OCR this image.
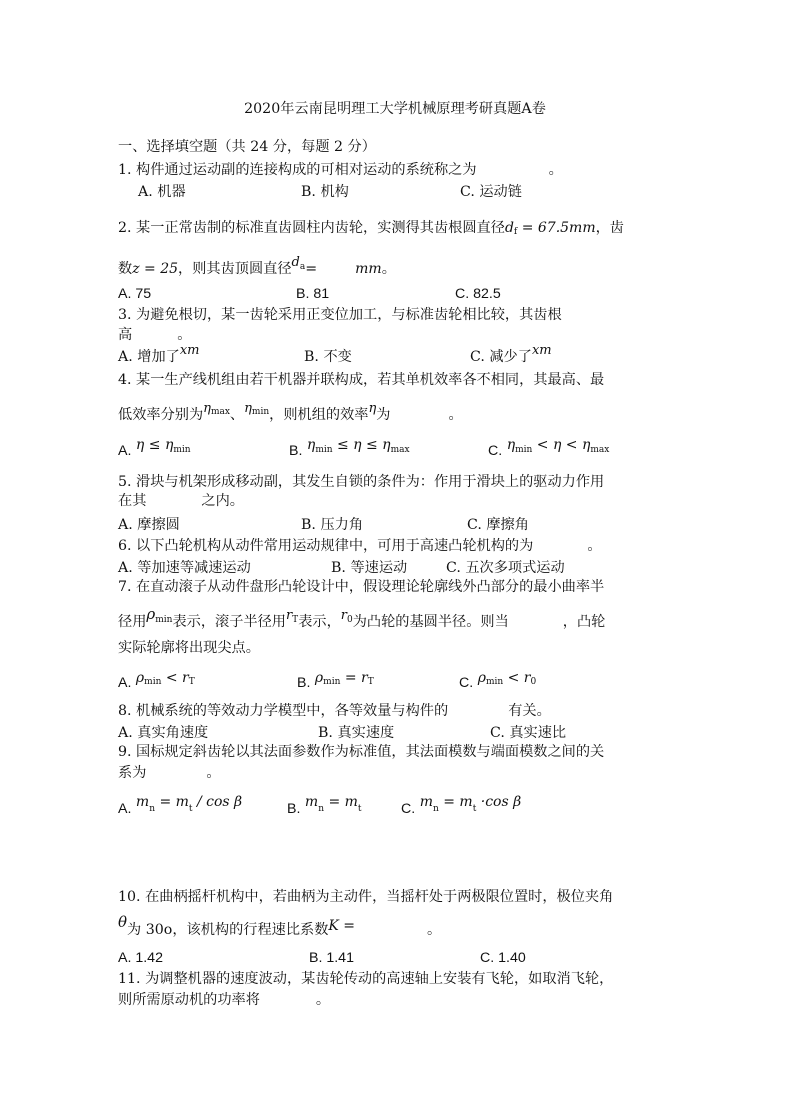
2020年云南昆明理工大学机械原理考研真题A卷
一、选择填空题（共 24 分，每题 2 分）
1. 构件通过运动副的连接构成的可相对运动的系统称之为	。
A. 机器	B. 机构	C. 运动链
2. 某一正常齿制的标准直齿圆柱内齿轮，实测得其齿根圆直径df = 67.5mm，齿
数z = 25，则其齿顶圆直径$d^a=$	mm。
A. 75	B. 81	C. 82.5
3. 为避免根切，某一齿轮采用正变位加工，与标准齿轮相比较，其齿根
高	。
A. 增加了xm	B. 不变	C. 减少了xm
4. 某一生产线机组由若干机器并联构成，若其单机效率各不相同，其最高、最
低效率分别为$\eta^{max}$、$\eta^{min}$，则机组的效率η为	。
A. $\eta \le \eta^{min}$	B. $\eta^{min} \le \eta \le \eta^{max}$	C. $\eta^{min} < \eta < \eta^{max}$
5. 滑块与机架形成移动副，其发生自锁的条件为：作用于滑块上的驱动力作用
在其	之内。
A. 摩擦圆	B. 压力角	C. 摩擦角
6. 以下凸轮机构从动件常用运动规律中，可用于高速凸轮机构的为	。
A. 等加速等减速运动	B. 等速运动	C. 五次多项式运动
7. 在直动滚子从动件盘形凸轮设计中，假设理论轮廓线外凸部分的最小曲率半
径用$\rho^{min}$表示，滚子半径用$r^T$表示，$r^0$为凸轮的基圆半径。则当	，凸轮
实际轮廓将出现尖点。
A. $\rho^{min} < r^T$	B. $\rho^{min} = r^T$	C. $\rho^{min} < r^0$
8. 机械系统的等效动力学模型中，各等效量与构件的	有关。
A. 真实角速度	B. 真实速度	C. 真实速比
9. 国标规定斜齿轮以其法面参数作为标准值，其法面模数与端面模数之间的关
系为	。
A. mn = mt / cos β	B. mn = mt	C. mn = mt ·cos β
10. 在曲柄摇杆机构中，若曲柄为主动件，当摇杆处于两极限位置时，极位夹角
θ为 30o，该机构的行程速比系数K =	。
A. 1.42	B. 1.41	C. 1.40
11. 为调整机器的速度波动，某齿轮传动的高速轴上安装有飞轮，如取消飞轮，
则所需原动机的功率将	。
